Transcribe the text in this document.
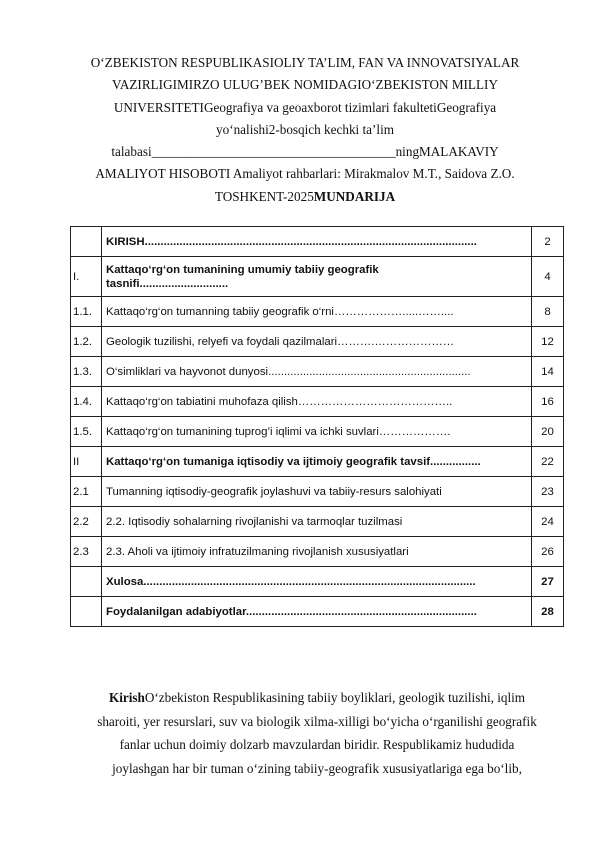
O‘ZBEKISTON RESPUBLIKASIOLIY TA’LIM, FAN VA INNOVATSIYALAR
VAZIRLIGIMIRZO ULUG’BEK NOMIDAGIO‘ZBEKISTON MILLIY
UNIVERSITETIGeografiya va geoaxborot tizimlari fakultetiGeografiya
yo‘nalishi2-bosqich kechki ta’lim
talabasi_____________________________________ningMALAKAVIY
AMALIYOT HISOBOTI Amaliyot rahbarlari: Mirakmalov M.T., Saidova Z.O.
TOSHKENT-2025MUNDARIJA
	KIRISH.........................................................................................................	2
I.	Kattaqo‘rg‘on tumanining umumiy tabiiy geografik
tasnifi............................	4
1.1.	Kattaqo‘rg‘on tumanning tabiiy geografik o‘rni……………….....……....	8
1.2.	Geologik tuzilishi, relyefi va foydali qazilmalari……….…………………	12
1.3.	O‘simliklari va hayvonot dunyosi................................................................	14
1.4.	Kattaqo‘rg‘on tabiatini muhofaza qilish…………………………………..	16
1.5.	Kattaqo‘rg‘on tumanining tuprog’i iqlimi va ichki suvlari……………….	20
II	Kattaqo‘rg‘on tumaniga iqtisodiy va ijtimoiy geografik tavsif................	22
2.1	Tumanning iqtisodiy-geografik joylashuvi va tabiiy-resurs salohiyati	23
2.2	2.2. Iqtisodiy sohalarning rivojlanishi va tarmoqlar tuzilmasi	24
2.3	2.3. Aholi va ijtimoiy infratuzilmaning rivojlanish xususiyatlari	26
	Xulosa.........................................................................................................	27
	Foydalanilgan adabiyotlar.........................................................................	28
KirishO‘zbekiston Respublikasining tabiiy boyliklari, geologik tuzilishi, iqlim
sharoiti, yer resurslari, suv va biologik xilma-xilligi bo‘yicha o‘rganilishi geografik
fanlar uchun doimiy dolzarb mavzulardan biridir. Respublikamiz hududida
joylashgan har bir tuman o‘zining tabiiy-geografik xususiyatlariga ega bo‘lib,
